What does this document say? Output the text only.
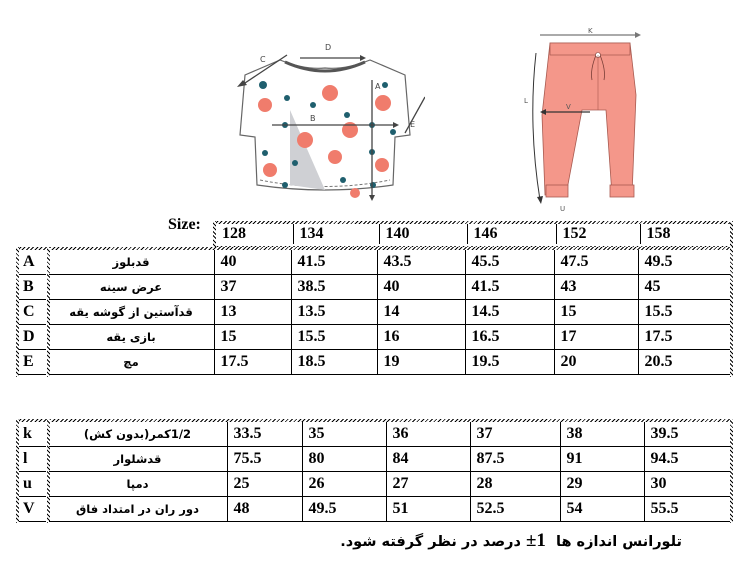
D
C
B
A
E
K
L
V
U
Size:
128	134	140	146	152	158
A	قدبلوز	40	41.5	43.5	45.5	47.5	49.5
B	عرض سینه	37	38.5	40	41.5	43	45
C	قدآستین از گوشه یقه	13	13.5	14	14.5	15	15.5
D	بازی یقه	15	15.5	16	16.5	17	17.5
E	مچ	17.5	18.5	19	19.5	20	20.5
k	1/2کمر(بدون کش)	33.5	35	36	37	38	39.5
l	قدشلوار	75.5	80	84	87.5	91	94.5
u	دمپا	25	26	27	28	29	30
V	دور ران در امتداد فاق	48	49.5	51	52.5	54	55.5
تلورانس اندازه ها  1± درصد در نظر گرفته شود.
